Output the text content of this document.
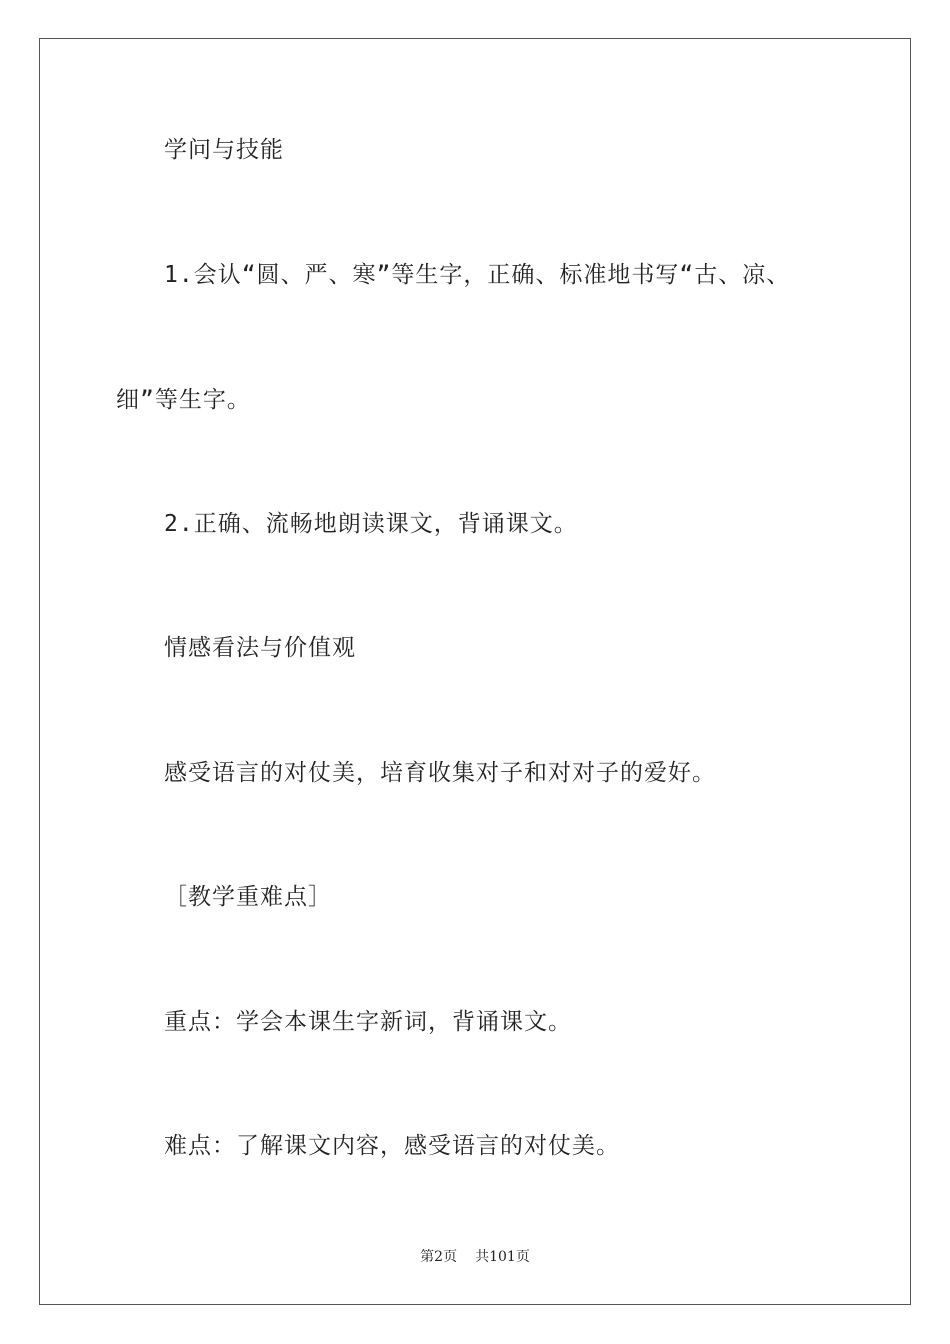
学问与技能
1.会认“圆、严、寒”等生字，正确、标准地书写“古、凉、
细”等生字。
2.正确、流畅地朗读课文，背诵课文。
情感看法与价值观
感受语言的对仗美，培育收集对子和对对子的爱好。
［教学重难点］
重点：学会本课生字新词，背诵课文。
难点：了解课文内容，感受语言的对仗美。
第2页 共101页
